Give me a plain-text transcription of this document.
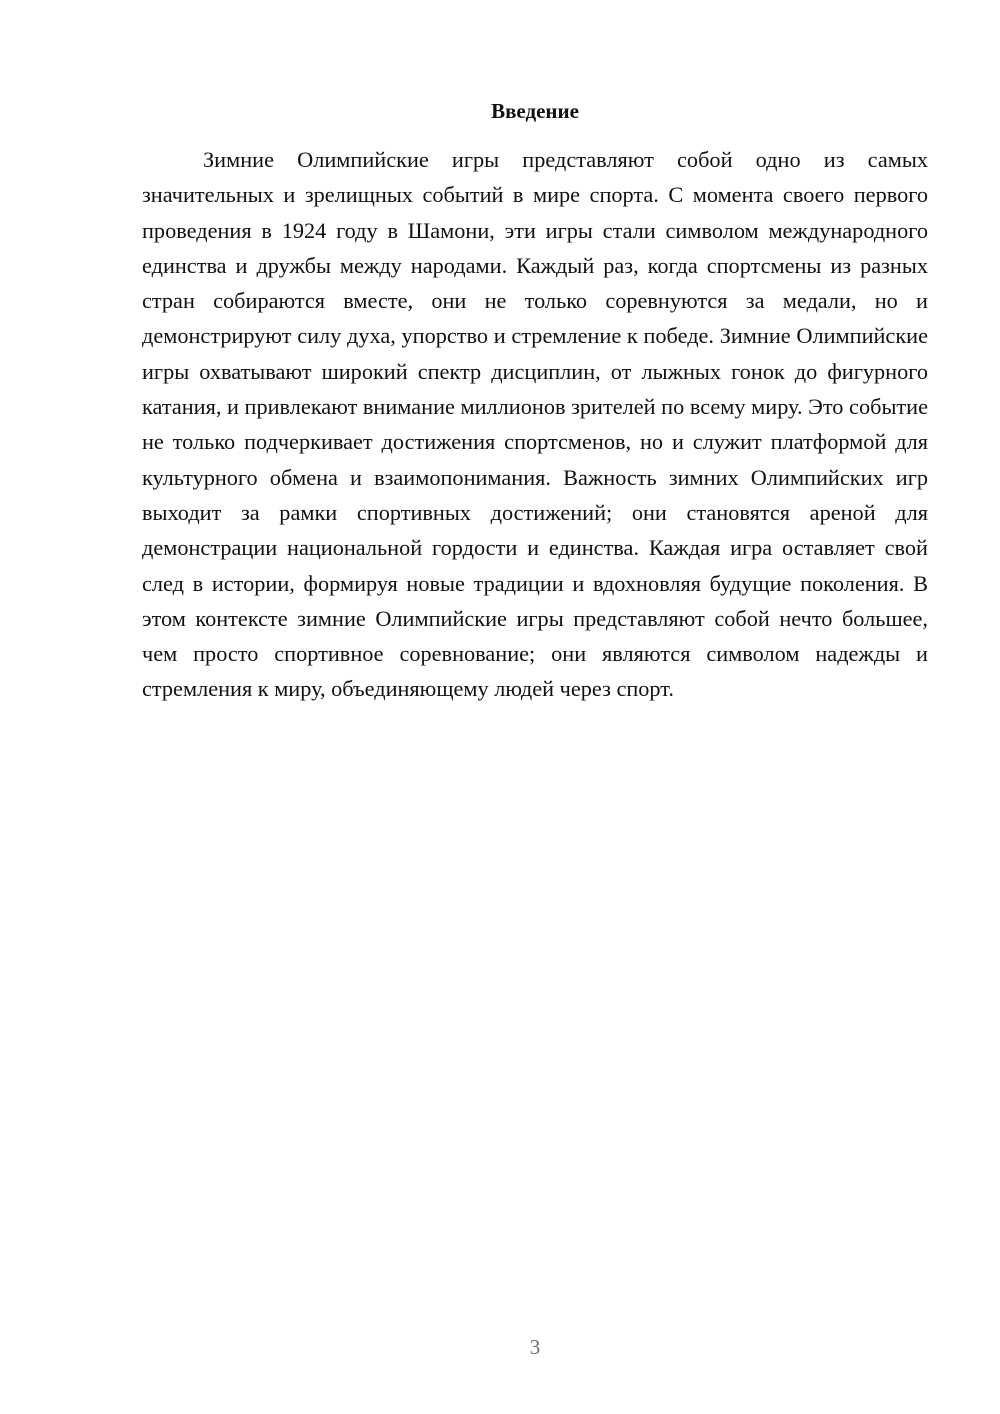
Введение

Зимние Олимпийские игры представляют собой одно из самых значительных и зрелищных событий в мире спорта. С момента своего первого проведения в 1924 году в Шамони, эти игры стали символом международного единства и дружбы между народами. Каждый раз, когда спортсмены из разных стран собираются вместе, они не только соревнуются за медали, но и демонстрируют силу духа, упорство и стремление к победе. Зимние Олимпийские игры охватывают широкий спектр дисциплин, от лыжных гонок до фигурного катания, и привлекают внимание миллионов зрителей по всему миру. Это событие не только подчеркивает достижения спортсменов, но и служит платформой для культурного обмена и взаимопонимания. Важность зимних Олимпийских игр выходит за рамки спортивных достижений; они становятся ареной для демонстрации национальной гордости и единства. Каждая игра оставляет свой след в истории, формируя новые традиции и вдохновляя будущие поколения. В этом контексте зимние Олимпийские игры представляют собой нечто большее, чем просто спортивное соревнование; они являются символом надежды и стремления к миру, объединяющему людей через спорт.

3
